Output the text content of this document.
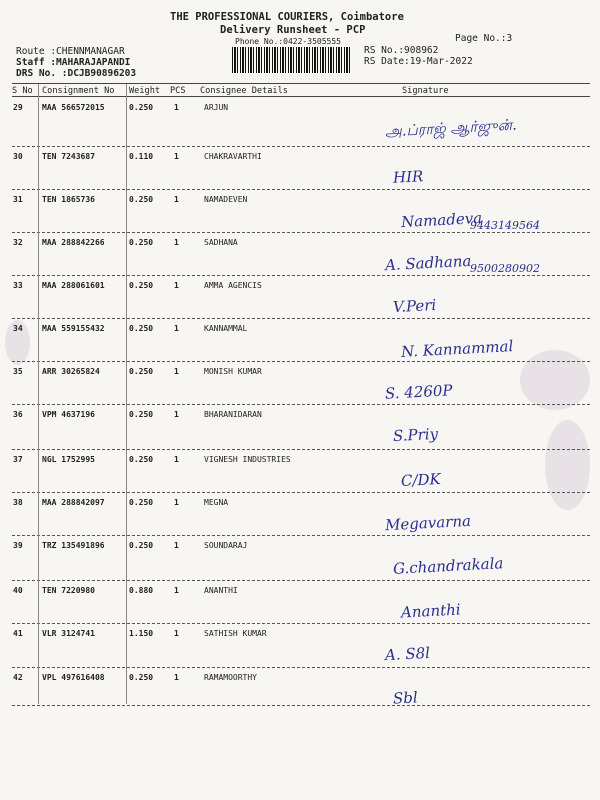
THE PROFESSIONAL COURIERS, Coimbatore
Delivery Runsheet - PCP
Phone No.:0422-3505555	Page No.:3
Route :CHENNMANAGAR
Staff :MAHARAJAPANDI
DRS No. :DCJB90896203
RS No.:908962
RS Date:19-Mar-2022
S No Consignment No Weight PCS Consignee Details	Signature
29 MAA 566572015	0.250	1	ARJUN
அ.ப்ராஜ் ஆர்ஜுன்.
30 TEN 7243687	0.110	1	CHAKRAVARTHI
HIR
31 TEN 1865736	0.250	1	NAMADEVEN
Namadeva
9443149564
32 MAA 288842266	0.250	1	SADHANA
A. Sadhana
9500280902
33 MAA 288061601	0.250	1	AMMA AGENCIS
V.Peri
34 MAA 559155432	0.250	1	KANNAMMAL
N. Kannammal
35 ARR 30265824	0.250	1	MONISH KUMAR
S. 4260P
36 VPM 4637196	0.250	1	BHARANIDARAN
S.Priy
37 NGL 1752995	0.250	1	VIGNESH INDUSTRIES
C/DK
38 MAA 288842097	0.250	1	MEGNA
Megavarna
39 TRZ 135491896	0.250	1	SOUNDARAJ
G.chandrakala
40 TEN 7220980	0.880	1	ANANTHI
Ananthi
41 VLR 3124741	1.150	1	SATHISH KUMAR
A. S8l
42 VPL 497616408	0.250	1	RAMAMOORTHY
Sbl
